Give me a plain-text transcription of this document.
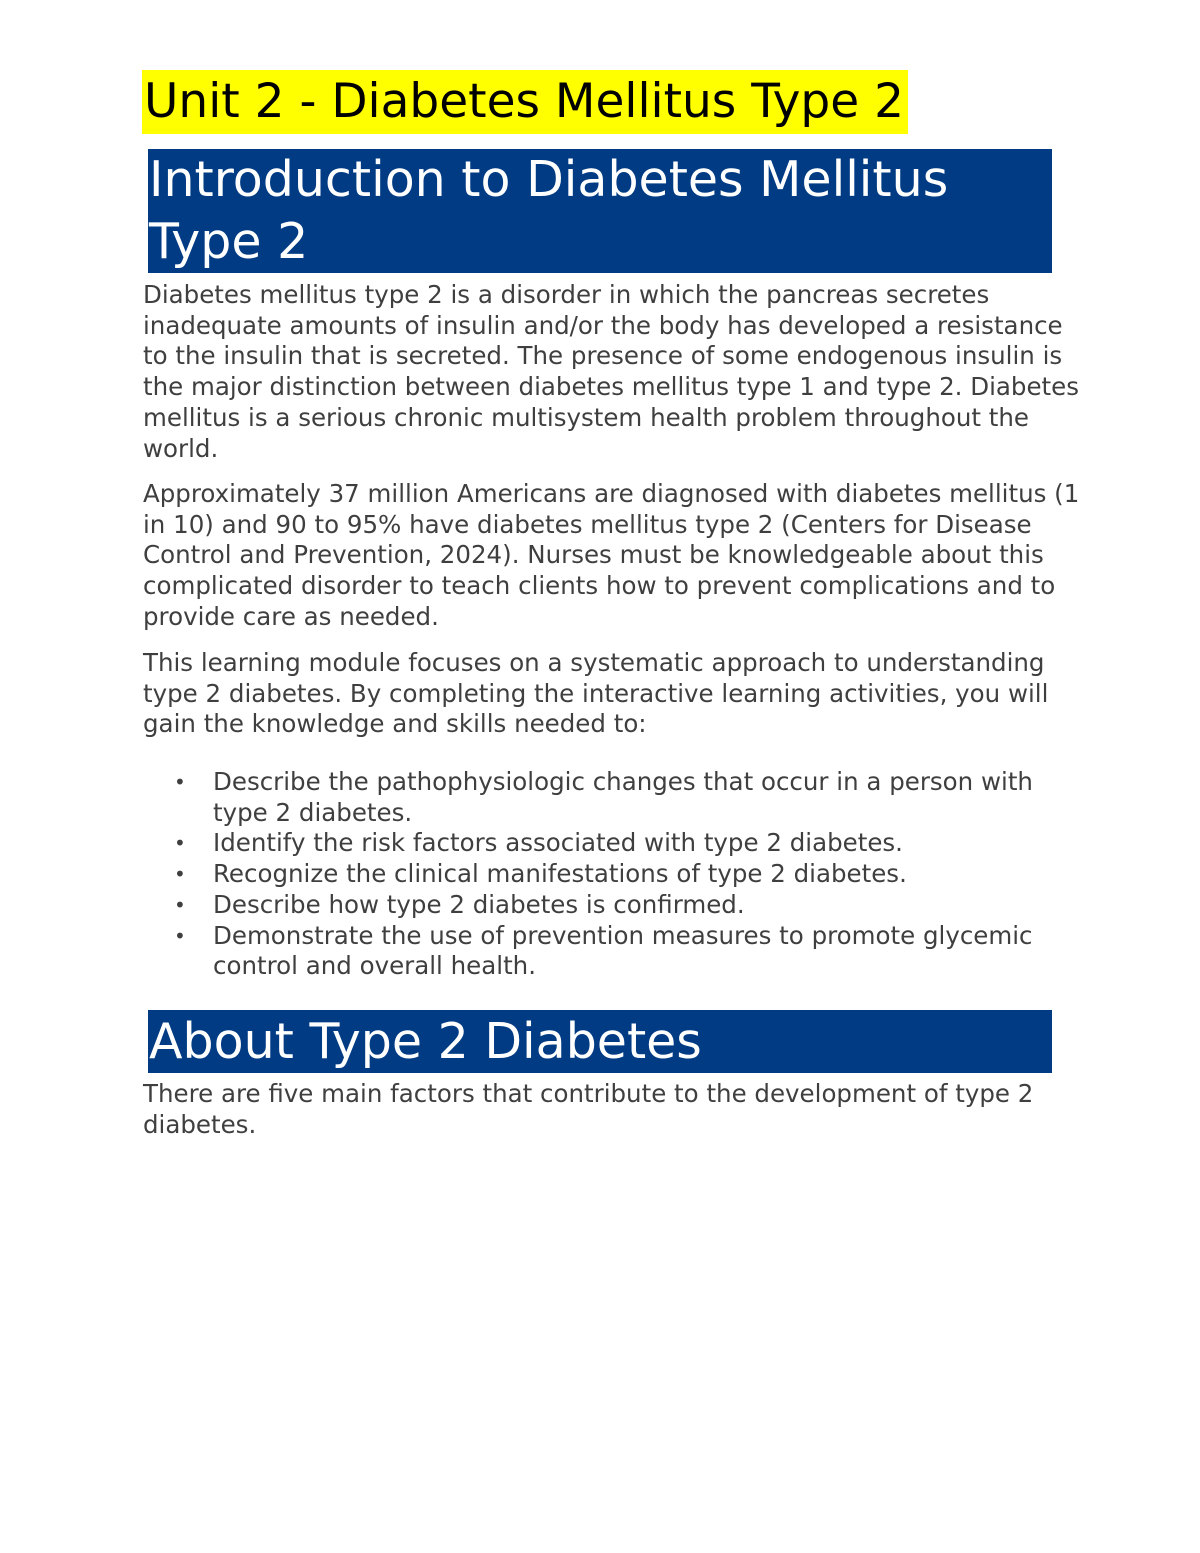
Unit 2 - Diabetes Mellitus Type 2
Introduction to Diabetes Mellitus
Type 2

Diabetes mellitus type 2 is a disorder in which the pancreas secretes inadequate amounts of insulin and/or the body has developed a resistance to the insulin that is secreted. The presence of some endogenous insulin is the major distinction between diabetes mellitus type 1 and type 2. Diabetes mellitus is a serious chronic multisystem health problem throughout the world.

Approximately 37 million Americans are diagnosed with diabetes mellitus (1 in 10) and 90 to 95% have diabetes mellitus type 2 (Centers for Disease Control and Prevention, 2024). Nurses must be knowledgeable about this complicated disorder to teach clients how to prevent complications and to provide care as needed.

This learning module focuses on a systematic approach to understanding type 2 diabetes. By completing the interactive learning activities, you will gain the knowledge and skills needed to:

• Describe the pathophysiologic changes that occur in a person with type 2 diabetes.
• Identify the risk factors associated with type 2 diabetes.
• Recognize the clinical manifestations of type 2 diabetes.
• Describe how type 2 diabetes is confirmed.
• Demonstrate the use of prevention measures to promote glycemic control and overall health.
About Type 2 Diabetes

There are five main factors that contribute to the development of type 2 diabetes.
